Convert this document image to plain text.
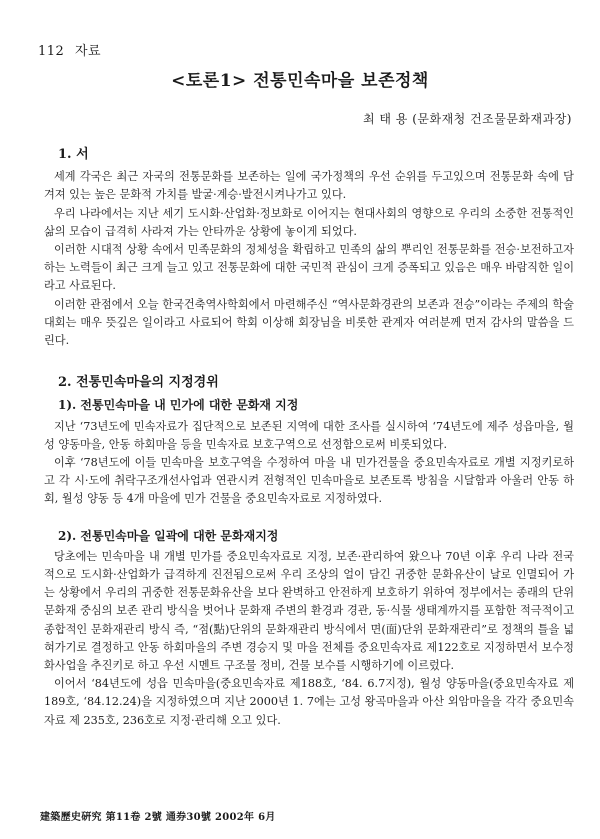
112 자료
<토론1> 전통민속마을 보존정책
최 태 용 (문화재청 건조물문화재과장)
1. 서

세계 각국은 최근 자국의 전통문화를 보존하는 일에 국가정책의 우선 순위를 두고있으며 전통문화 속에 담겨져 있는 높은 문화적 가치를 발굴·계승·발전시켜나가고 있다.

우리 나라에서는 지난 세기 도시화·산업화·정보화로 이어지는 현대사회의 영향으로 우리의 소중한 전통적인 삶의 모습이 급격히 사라져 가는 안타까운 상황에 놓이게 되었다.

이러한 시대적 상황 속에서 민족문화의 정체성을 확립하고 민족의 삶의 뿌리인 전통문화를 전승·보전하고자하는 노력들이 최근 크게 늘고 있고 전통문화에 대한 국민적 관심이 크게 증폭되고 있음은 매우 바람직한 일이라고 사료된다.

이러한 관점에서 오늘 한국건축역사학회에서 마련해주신 “역사문화경관의 보존과 전승”이라는 주제의 학술대회는 매우 뜻깊은 일이라고 사료되어 학회 이상해 회장님을 비롯한 관계자 여러분께 먼저 감사의 말씀을 드린다.

2. 전통민속마을의 지정경위
1). 전통민속마을 내 민가에 대한 문화재 지정

지난 ‘73년도에 민속자료가 집단적으로 보존된 지역에 대한 조사를 실시하여 ‘74년도에 제주 성읍마을, 월성 양동마을, 안동 하회마을 등을 민속자료 보호구역으로 선정함으로써 비롯되었다.

이후 ‘78년도에 이들 민속마을 보호구역을 수정하여 마을 내 민가건물을 중요민속자료로 개별 지정키로하고 각 시·도에 취락구조개선사업과 연관시켜 전형적인 민속마을로 보존토록 방침을 시달함과 아울러 안동 하회, 월성 양동 등 4개 마을에 민가 건물을 중요민속자료로 지정하였다.

2). 전통민속마을 일곽에 대한 문화재지정

당초에는 민속마을 내 개별 민가를 중요민속자료로 지정, 보존·관리하여 왔으나 70년 이후 우리 나라 전국적으로 도시화·산업화가 급격하게 진전됨으로써 우리 조상의 얼이 담긴 귀중한 문화유산이 날로 인멸되어 가는 상황에서 우리의 귀중한 전통문화유산을 보다 완벽하고 안전하게 보호하기 위하여 정부에서는 종래의 단위 문화재 중심의 보존 관리 방식을 벗어나 문화재 주변의 환경과 경관, 동·식물 생태계까지를 포함한 적극적이고 종합적인 문화재관리 방식 즉, “점(點)단위의 문화재관리 방식에서 면(面)단위 문화재관리”로 정책의 틀을 넓혀가기로 결정하고 안동 하회마을의 주변 경승지 및 마을 전체를 중요민속자료 제122호로 지정하면서 보수정화사업을 추진키로 하고 우선 시멘트 구조물 정비, 건물 보수를 시행하기에 이르렀다.

이어서 ‘84년도에 성읍 민속마을(중요민속자료 제188호, ‘84. 6.7지정), 월성 양동마을(중요민속자료 제189호, ‘84.12.24)을 지정하였으며 지난 2000년 1. 7에는 고성 왕곡마을과 아산 외암마을을 각각 중요민속자료 제 235호, 236호로 지정·관리해 오고 있다.

建築歷史硏究 第11卷 2號 通券30號 2002年 6月
